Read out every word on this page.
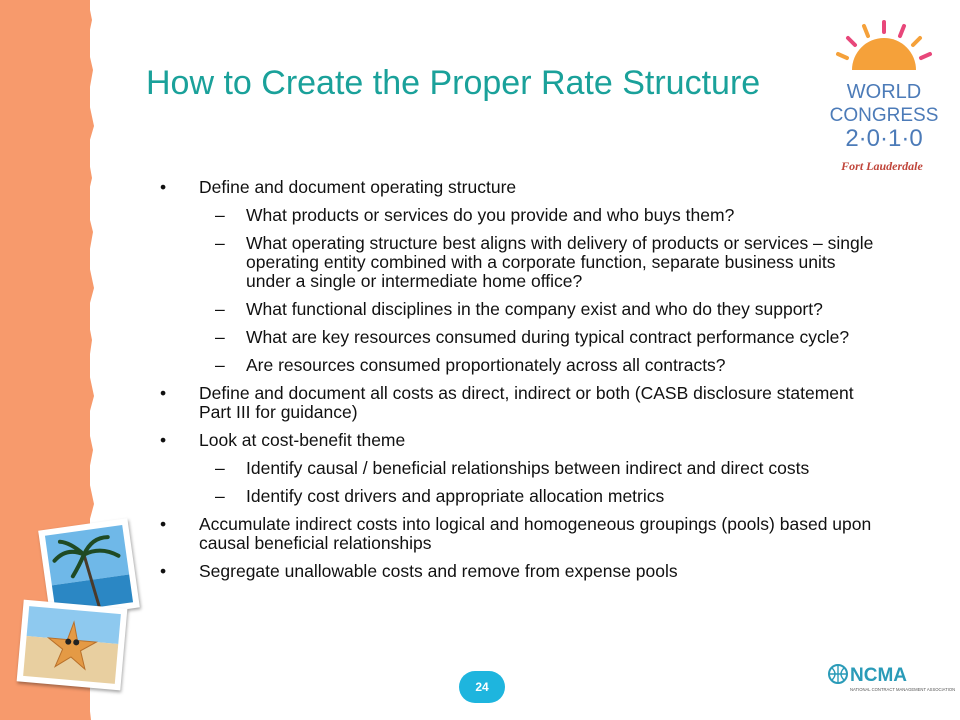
How to Create the Proper Rate Structure	WORLD
CONGRESS
2·0·1·0
Fort Lauderdale
• Define and document operating structure
– What products or services do you provide and who buys them?
– What operating structure best aligns with delivery of products or services – single operating entity combined with a corporate function, separate business units under a single or intermediate home office?
– What functional disciplines in the company exist and who do they support?
– What are key resources consumed during typical contract performance cycle?
– Are resources consumed proportionately across all contracts?
• Define and document all costs as direct, indirect or both (CASB disclosure statement Part III for guidance)
• Look at cost-benefit theme
– Identify causal / beneficial relationships between indirect and direct costs
– Identify cost drivers and appropriate allocation metrics
• Accumulate indirect costs into logical and homogeneous groupings (pools) based upon causal beneficial relationships
• Segregate unallowable costs and remove from expense pools
24
NCMA
NATIONAL CONTRACT MANAGEMENT ASSOCIATION
